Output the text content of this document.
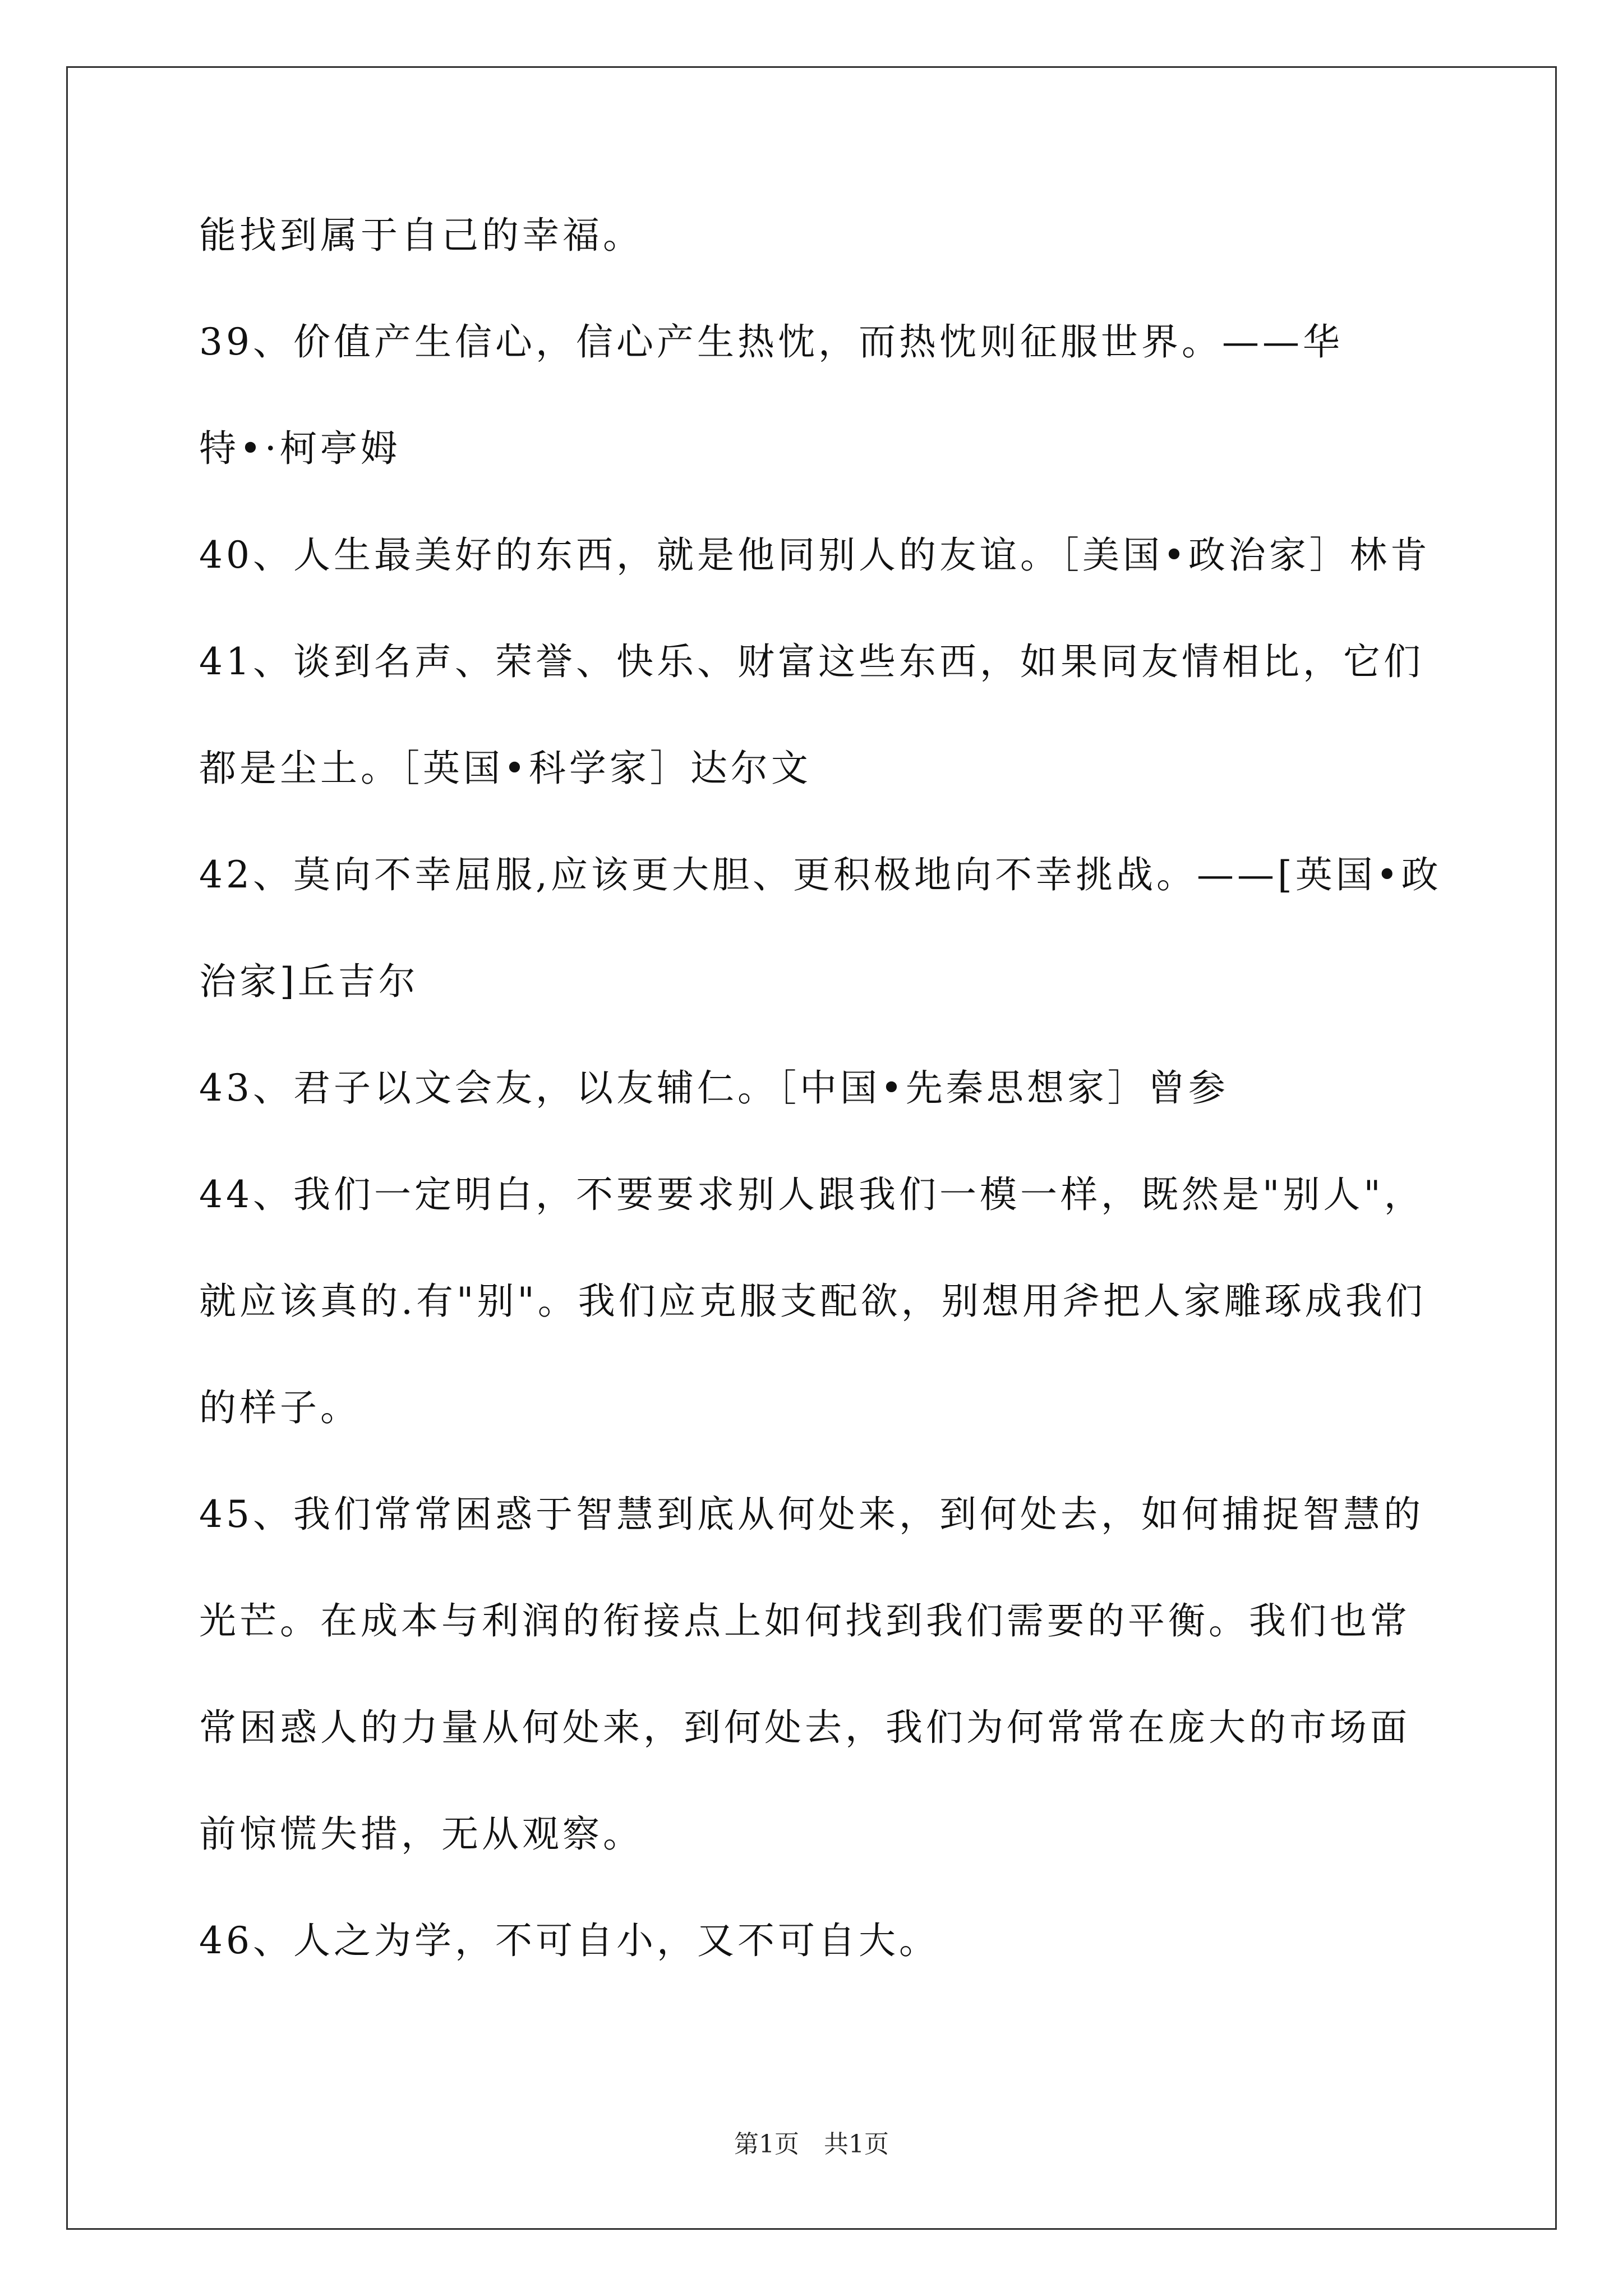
能找到属于自己的幸福。
39、价值产生信心，信心产生热忱，而热忱则征服世界。——华
特•·柯亭姆
40、人生最美好的东西，就是他同别人的友谊。［美国•政治家］林肯
41、谈到名声、荣誉、快乐、财富这些东西，如果同友情相比，它们
都是尘土。［英国•科学家］达尔文
42、莫向不幸屈服,应该更大胆、更积极地向不幸挑战。——[英国•政
治家]丘吉尔
43、君子以文会友，以友辅仁。［中国•先秦思想家］曾参
44、我们一定明白，不要要求别人跟我们一模一样，既然是"别人"，
就应该真的.有"别"。我们应克服支配欲，别想用斧把人家雕琢成我们
的样子。
45、我们常常困惑于智慧到底从何处来，到何处去，如何捕捉智慧的
光芒。在成本与利润的衔接点上如何找到我们需要的平衡。我们也常
常困惑人的力量从何处来，到何处去，我们为何常常在庞大的市场面
前惊慌失措，无从观察。
46、人之为学，不可自小，又不可自大。
第1页　共1页
